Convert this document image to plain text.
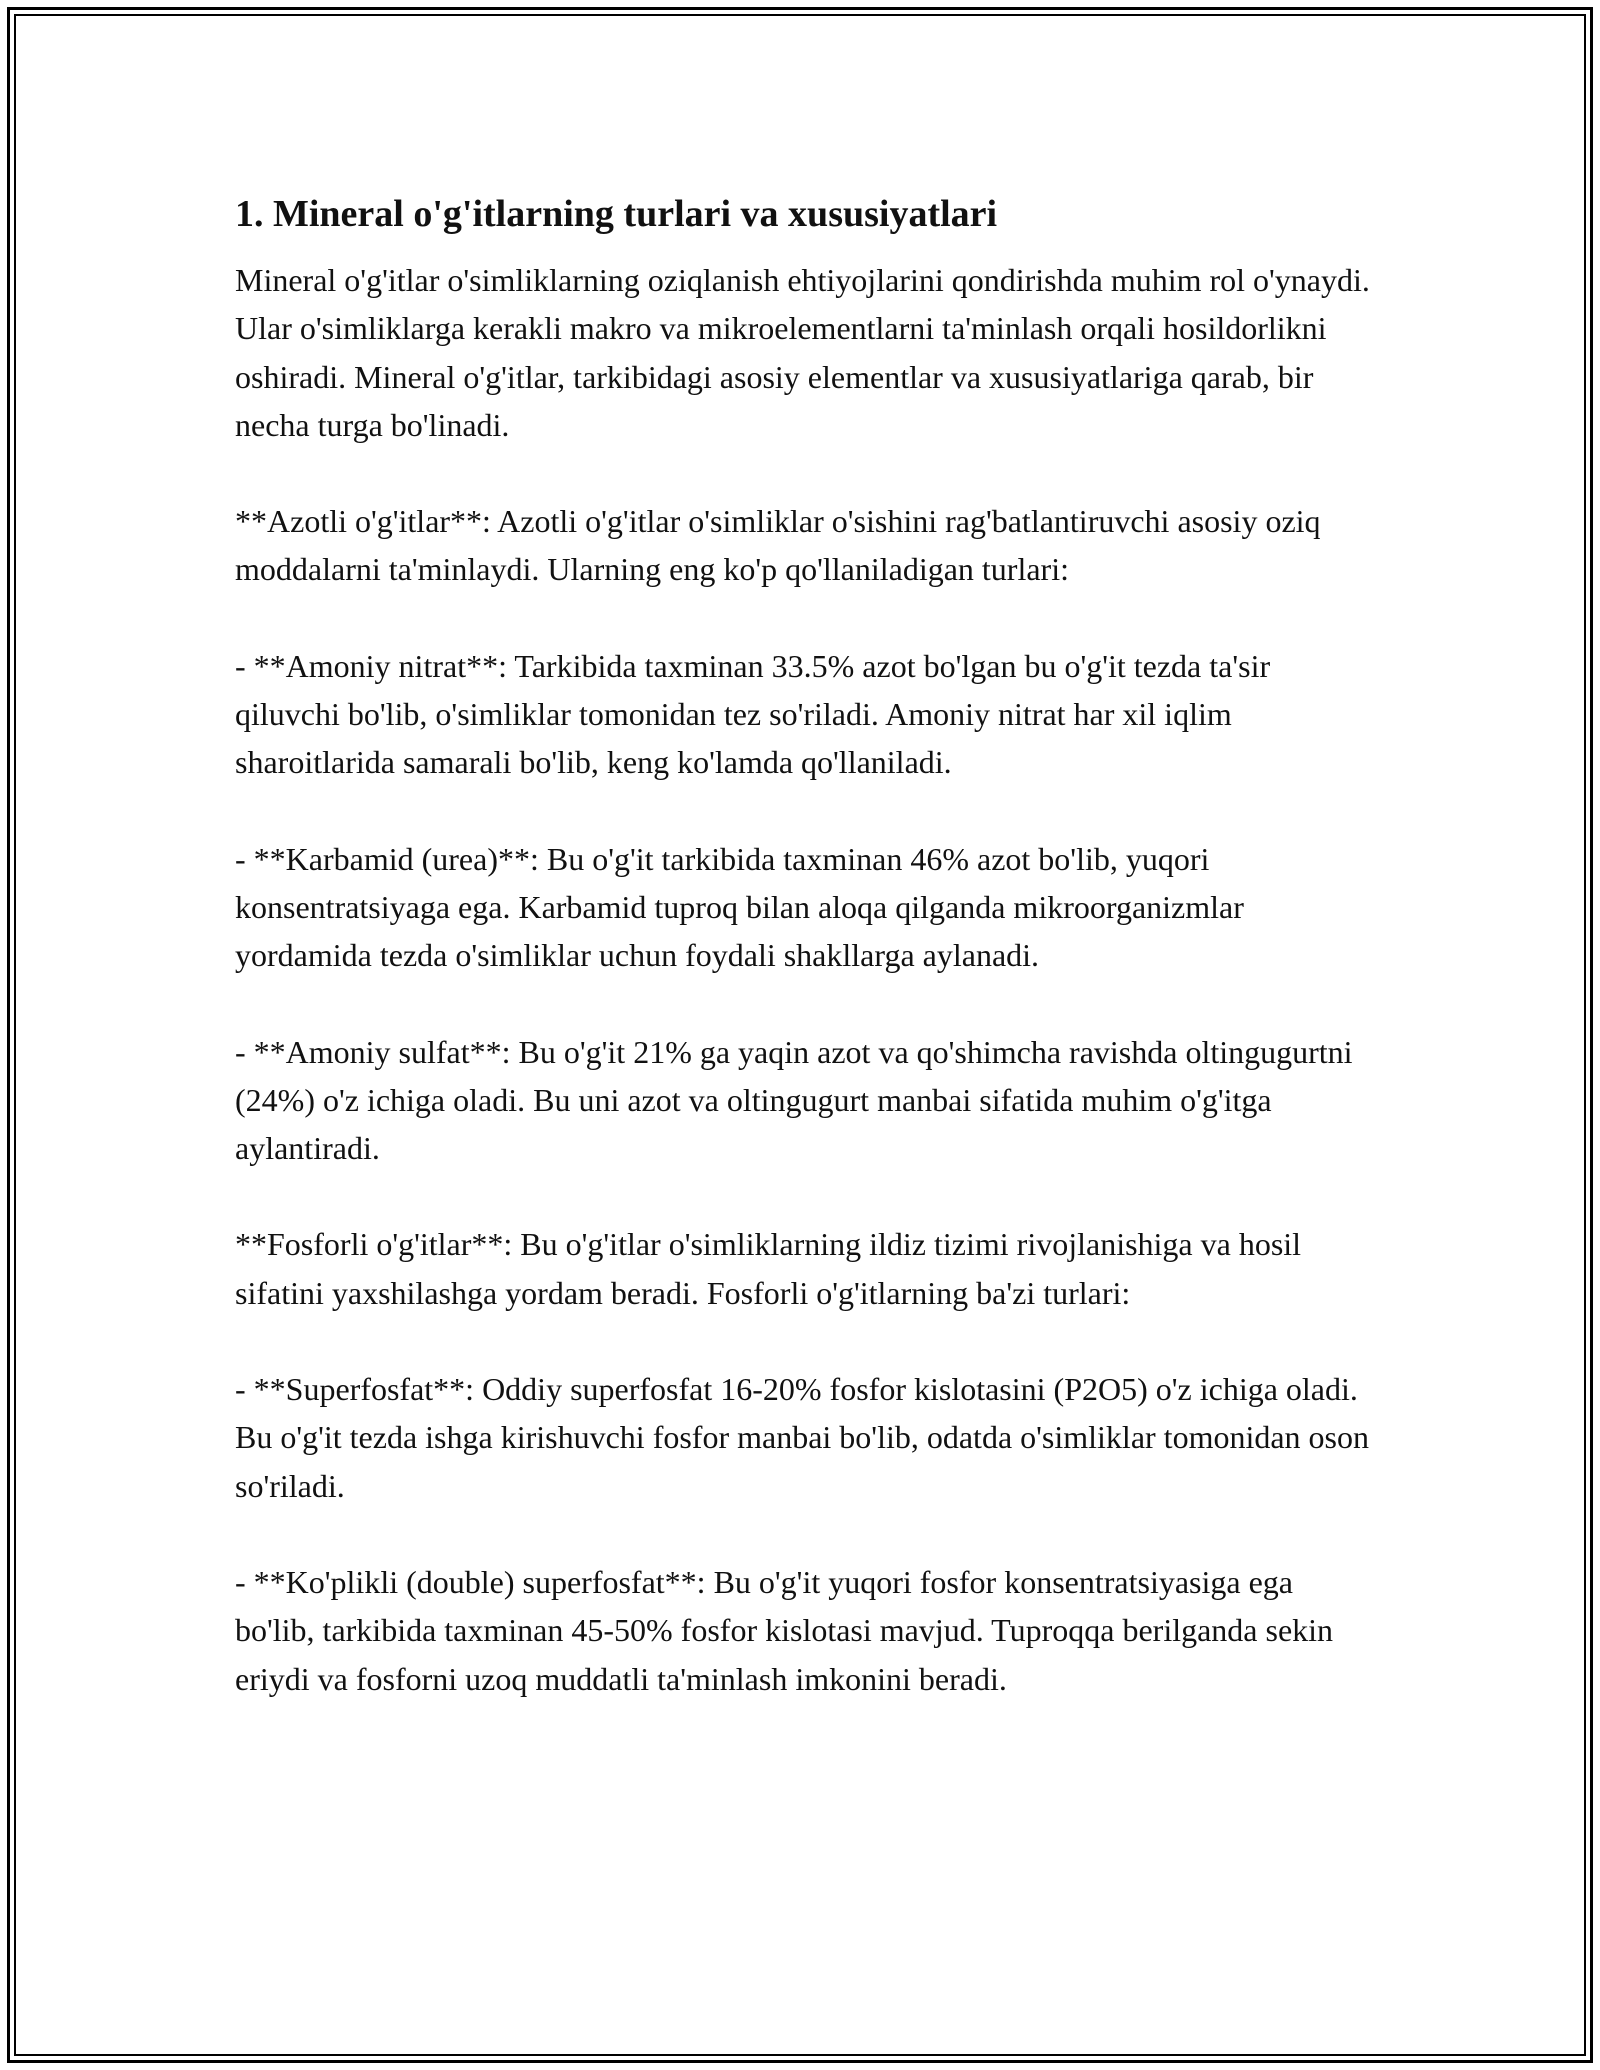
1. Mineral o'g'itlarning turlari va xususiyatlari

Mineral o'g'itlar o'simliklarning oziqlanish ehtiyojlarini qondirishda muhim rol o'ynaydi. Ular o'simliklarga kerakli makro va mikroelementlarni ta'minlash orqali hosildorlikni oshiradi. Mineral o'g'itlar, tarkibidagi asosiy elementlar va xususiyatlariga qarab, bir necha turga bo'linadi.

**Azotli o'g'itlar**: Azotli o'g'itlar o'simliklar o'sishini rag'batlantiruvchi asosiy oziq moddalarni ta'minlaydi. Ularning eng ko'p qo'llaniladigan turlari:

- **Amoniy nitrat**: Tarkibida taxminan 33.5% azot bo'lgan bu o'g'it tezda ta'sir qiluvchi bo'lib, o'simliklar tomonidan tez so'riladi. Amoniy nitrat har xil iqlim sharoitlarida samarali bo'lib, keng ko'lamda qo'llaniladi.

- **Karbamid (urea)**: Bu o'g'it tarkibida taxminan 46% azot bo'lib, yuqori konsentratsiyaga ega. Karbamid tuproq bilan aloqa qilganda mikroorganizmlar yordamida tezda o'simliklar uchun foydali shakllarga aylanadi.

- **Amoniy sulfat**: Bu o'g'it 21% ga yaqin azot va qo'shimcha ravishda oltingugurtni (24%) o'z ichiga oladi. Bu uni azot va oltingugurt manbai sifatida muhim o'g'itga aylantiradi.

**Fosforli o'g'itlar**: Bu o'g'itlar o'simliklarning ildiz tizimi rivojlanishiga va hosil sifatini yaxshilashga yordam beradi. Fosforli o'g'itlarning ba'zi turlari:

- **Superfosfat**: Oddiy superfosfat 16-20% fosfor kislotasini (P2O5) o'z ichiga oladi. Bu o'g'it tezda ishga kirishuvchi fosfor manbai bo'lib, odatda o'simliklar tomonidan oson so'riladi.

- **Ko'plikli (double) superfosfat**: Bu o'g'it yuqori fosfor konsentratsiyasiga ega bo'lib, tarkibida taxminan 45-50% fosfor kislotasi mavjud. Tuproqqa berilganda sekin eriydi va fosforni uzoq muddatli ta'minlash imkonini beradi.
